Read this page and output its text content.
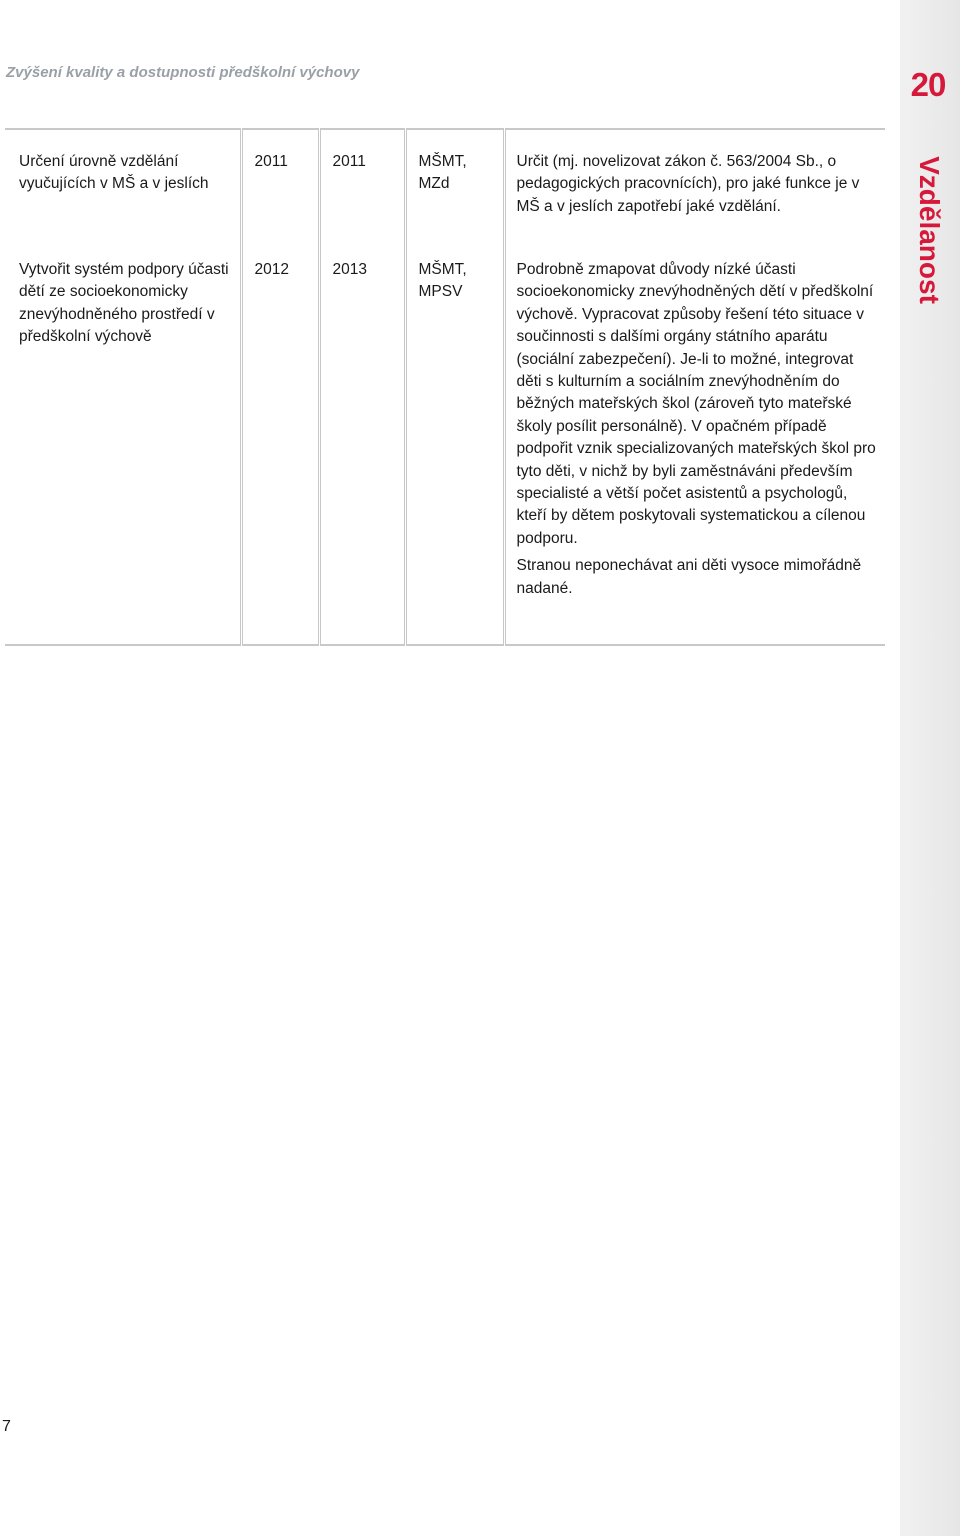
Zvýšení kvality a dostupnosti předškolní výchovy	20
Vzdělanost

Určení úrovně vzdělání vyučujících v MŠ a v jeslích	2011	2011	MŠMT, MZd	Určit (mj. novelizovat zákon č. 563/2004 Sb., o pedagogických pracovnících), pro jaké funkce je v MŠ a v jeslích zapotřebí jaké vzdělání.

Vytvořit systém podpory účasti dětí ze socioekonomicky znevýhodněného prostředí v předškolní výchově	2012	2013	MŠMT, MPSV	Podrobně zmapovat důvody nízké účasti socioekonomicky znevýhodněných dětí v předškolní výchově. Vypracovat způsoby řešení této situace v součinnosti s dalšími orgány státního aparátu (sociální zabezpečení). Je-li to možné, integrovat děti s kulturním a sociálním znevýhodněním do běžných mateřských škol (zároveň tyto mateřské školy posílit personálně). V opačném případě podpořit vznik specializovaných mateřských škol pro tyto děti, v nichž by byli zaměstnáváni především specialisté a větší počet asistentů a psychologů, kteří by dětem poskytovali systematickou a cílenou podporu.
Stranou neponechávat ani děti vysoce mimořádně nadané.
7
